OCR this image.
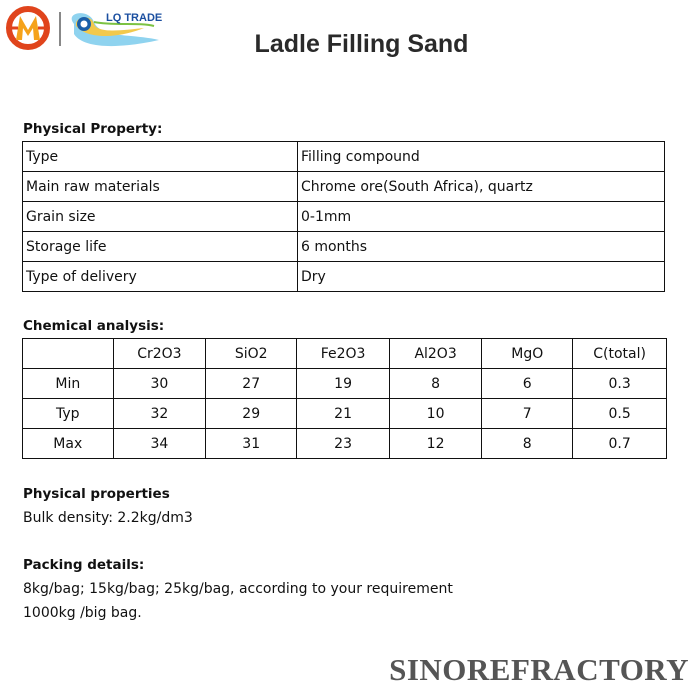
LQ TRADE
Ladle Filling Sand
Physical Property:
Type	Filling compound
Main raw materials	Chrome ore(South Africa), quartz
Grain size	0-1mm
Storage life	6 months
Type of delivery	Dry
Chemical analysis:
	Cr2O3	SiO2	Fe2O3	Al2O3	MgO	C(total)
Min	30	27	19	8	6	0.3
Typ	32	29	21	10	7	0.5
Max	34	31	23	12	8	0.7
Physical properties
Bulk density: 2.2kg/dm3
Packing details:
8kg/bag; 15kg/bag; 25kg/bag, according to your requirement
1000kg /big bag.
SINOREFRACTORY
